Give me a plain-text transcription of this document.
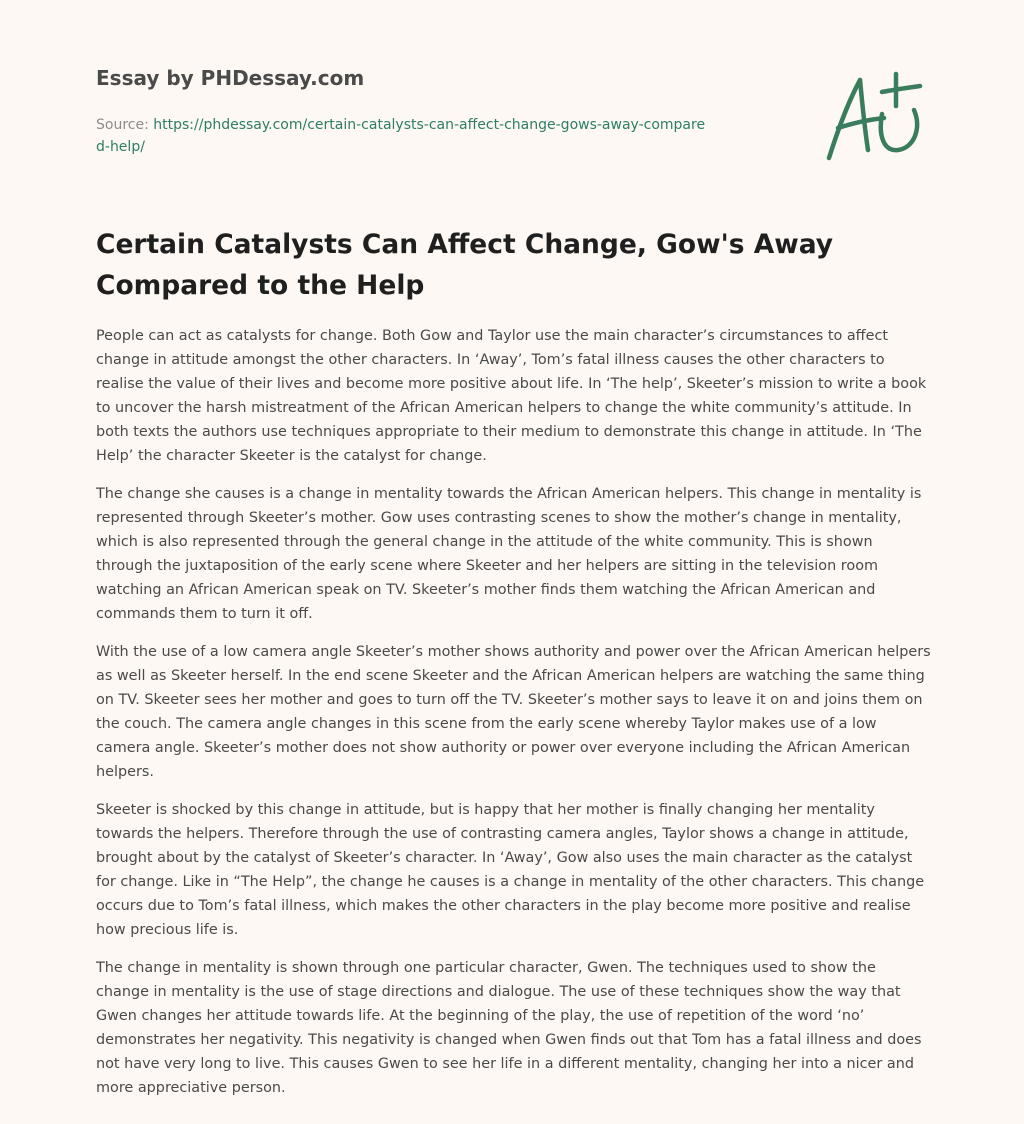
Essay by PHDessay.com
Source: https://phdessay.com/certain-catalysts-can-affect-change-gows-away-compared-help/
Certain Catalysts Can Affect Change, Gow's Away Compared to the Help

People can act as catalysts for change. Both Gow and Taylor use the main character’s circumstances to affect change in attitude amongst the other characters. In ‘Away’, Tom’s fatal illness causes the other characters to realise the value of their lives and become more positive about life. In ‘The help’, Skeeter’s mission to write a book to uncover the harsh mistreatment of the African American helpers to change the white community’s attitude. In both texts the authors use techniques appropriate to their medium to demonstrate this change in attitude. In ‘The Help’ the character Skeeter is the catalyst for change.

The change she causes is a change in mentality towards the African American helpers. This change in mentality is represented through Skeeter’s mother. Gow uses contrasting scenes to show the mother’s change in mentality, which is also represented through the general change in the attitude of the white community. This is shown through the juxtaposition of the early scene where Skeeter and her helpers are sitting in the television room watching an African American speak on TV. Skeeter’s mother finds them watching the African American and commands them to turn it off.

With the use of a low camera angle Skeeter’s mother shows authority and power over the African American helpers as well as Skeeter herself. In the end scene Skeeter and the African American helpers are watching the same thing on TV. Skeeter sees her mother and goes to turn off the TV. Skeeter’s mother says to leave it on and joins them on the couch. The camera angle changes in this scene from the early scene whereby Taylor makes use of a low camera angle. Skeeter’s mother does not show authority or power over everyone including the African American helpers.

Skeeter is shocked by this change in attitude, but is happy that her mother is finally changing her mentality towards the helpers. Therefore through the use of contrasting camera angles, Taylor shows a change in attitude, brought about by the catalyst of Skeeter’s character. In ‘Away’, Gow also uses the main character as the catalyst for change. Like in “The Help”, the change he causes is a change in mentality of the other characters. This change occurs due to Tom’s fatal illness, which makes the other characters in the play become more positive and realise how precious life is.

The change in mentality is shown through one particular character, Gwen. The techniques used to show the change in mentality is the use of stage directions and dialogue. The use of these techniques show the way that Gwen changes her attitude towards life. At the beginning of the play, the use of repetition of the word ‘no’ demonstrates her negativity. This negativity is changed when Gwen finds out that Tom has a fatal illness and does not have very long to live. This causes Gwen to see her life in a different mentality, changing her into a nicer and more appreciative person.
